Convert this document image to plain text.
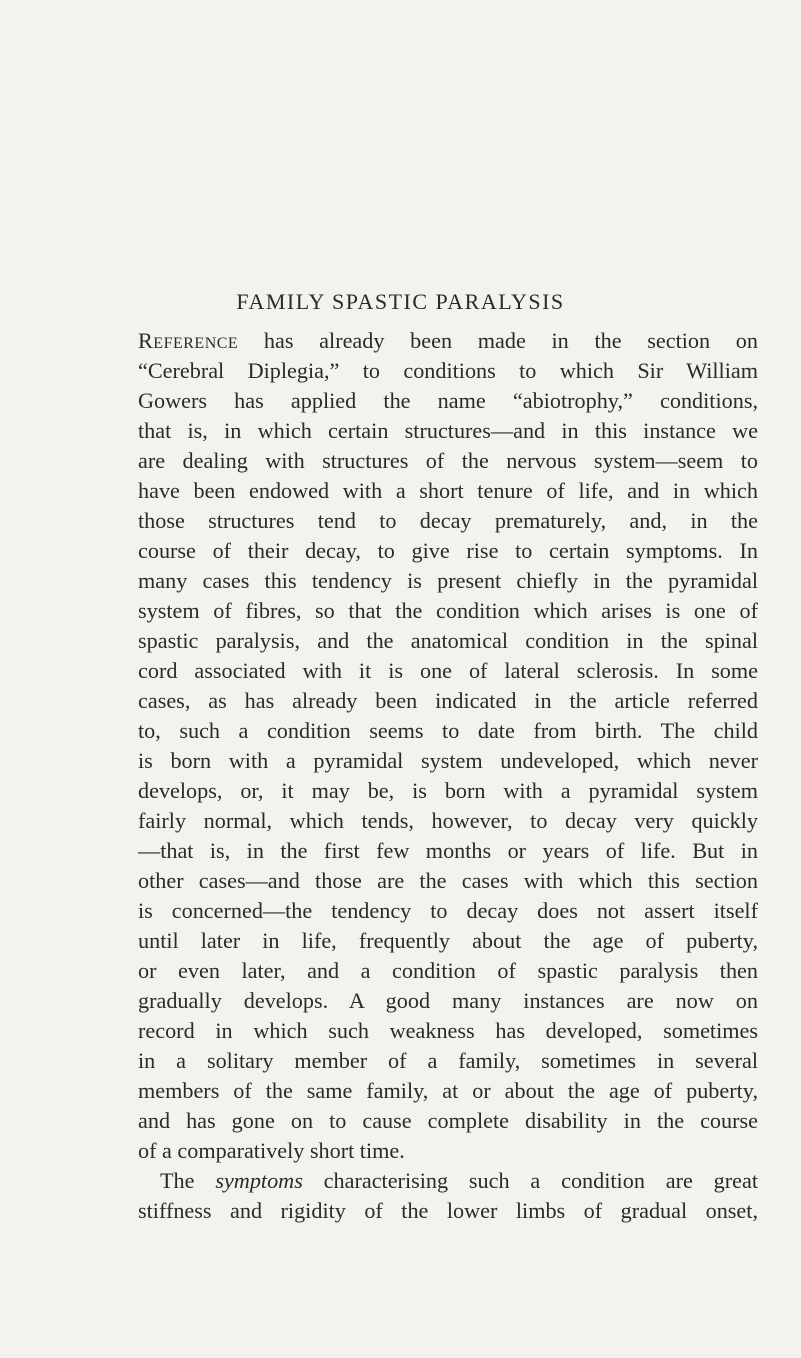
FAMILY SPASTIC PARALYSIS
Reference has already been made in the section on
“Cerebral Diplegia,” to conditions to which Sir William
Gowers has applied the name “abiotrophy,” conditions,
that is, in which certain structures—and in this instance we
are dealing with structures of the nervous system—seem to
have been endowed with a short tenure of life, and in which
those structures tend to decay prematurely, and, in the
course of their decay, to give rise to certain symptoms. In
many cases this tendency is present chiefly in the pyramidal
system of fibres, so that the condition which arises is one of
spastic paralysis, and the anatomical condition in the spinal
cord associated with it is one of lateral sclerosis. In some
cases, as has already been indicated in the article referred
to, such a condition seems to date from birth. The child
is born with a pyramidal system undeveloped, which never
develops, or, it may be, is born with a pyramidal system
fairly normal, which tends, however, to decay very quickly
—that is, in the first few months or years of life. But in
other cases—and those are the cases with which this section
is concerned—the tendency to decay does not assert itself
until later in life, frequently about the age of puberty,
or even later, and a condition of spastic paralysis then
gradually develops. A good many instances are now on
record in which such weakness has developed, sometimes
in a solitary member of a family, sometimes in several
members of the same family, at or about the age of puberty,
and has gone on to cause complete disability in the course
of a comparatively short time.
The symptoms characterising such a condition are great
stiffness and rigidity of the lower limbs of gradual onset,
